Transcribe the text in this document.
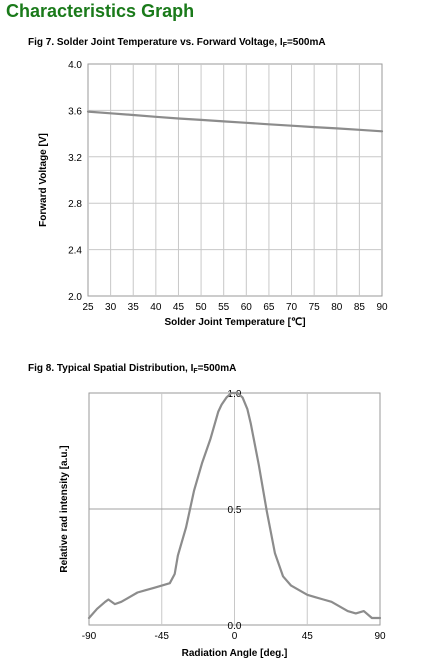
Characteristics Graph
Fig 7. Solder Joint Temperature vs. Forward Voltage, $I_F=500mA$
Fig 8. Typical Spatial Distribution, $I_F=500mA$
25 30 35 40 45 50 55 60 65 70 75 80 85 90
2.0
2.4
2.8
3.2
3.6
4.0
Solder Joint Temperature [℃]
Forward Voltage [V]
-90	-45	0	45	90
0.0
0.5
1.0
Radiation Angle [deg.]
Relative rad intensity [a.u.]
